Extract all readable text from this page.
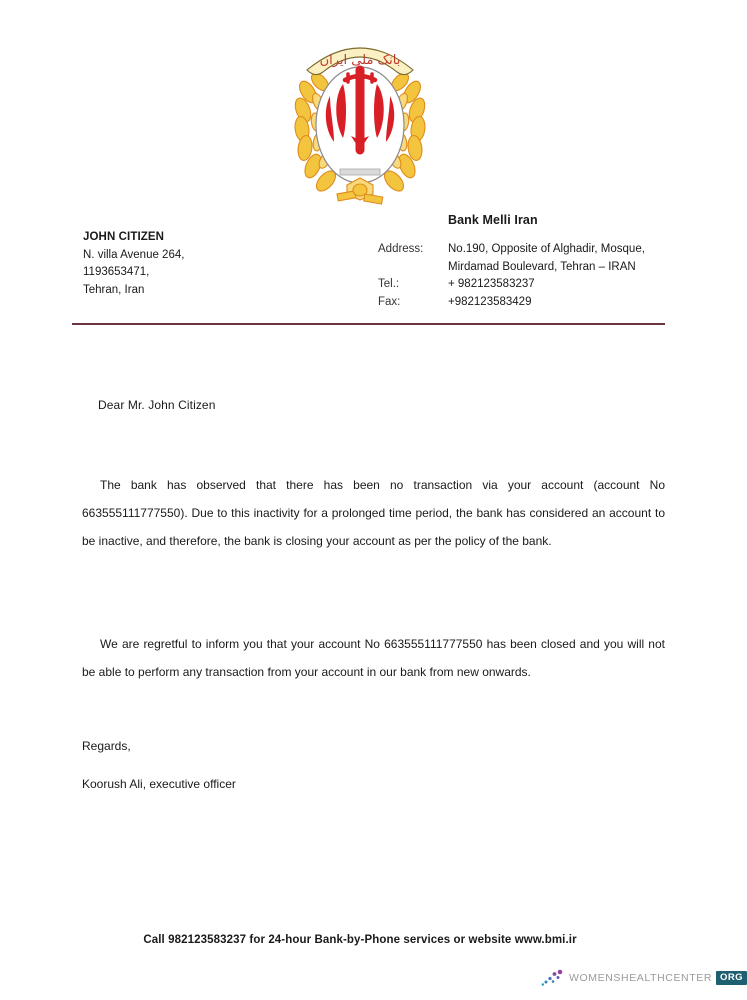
بانک ملی ایران
JOHN CITIZEN
N. villa Avenue 264,
1193653471,
Tehran, Iran
Bank Melli Iran
Address:
Tel.:
Fax:
No.190, Opposite of Alghadir, Mosque,
Mirdamad Boulevard, Tehran – IRAN
+ 982123583237
+982123583429
Dear Mr. John Citizen
The bank has observed that there has been no transaction via your account (account No 663555111777550). Due to this inactivity for a prolonged time period, the bank has considered an account to be inactive, and therefore, the bank is closing your account as per the policy of the bank.
We are regretful to inform you that your account No 663555111777550 has been closed and you will not be able to perform any transaction from your account in our bank from new onwards.
Regards,
Koorush Ali, executive officer
Call 982123583237 for 24-hour Bank-by-Phone services or website www.bmi.ir
WOMENSHEALTHCENTER ORG
